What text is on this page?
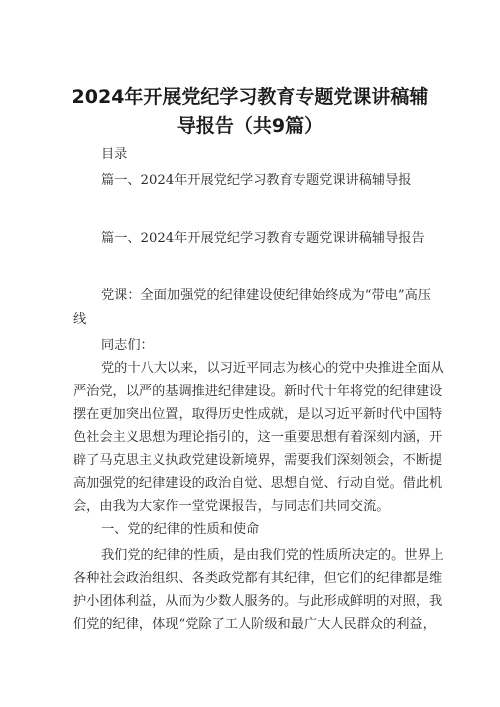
2024年开展党纪学习教育专题党课讲稿辅
导报告（共9篇）

目录

篇一、2024年开展党纪学习教育专题党课讲稿辅导报

篇一、2024年开展党纪学习教育专题党课讲稿辅导报告

党课：全面加强党的纪律建设使纪律始终成为“带电”高压

线

同志们：

党的十八大以来，以习近平同志为核心的党中央推进全面从

严治党，以严的基调推进纪律建设。新时代十年将党的纪律建设

摆在更加突出位置，取得历史性成就，是以习近平新时代中国特

色社会主义思想为理论指引的，这一重要思想有着深刻内涵，开

辟了马克思主义执政党建设新境界，需要我们深刻领会，不断提

高加强党的纪律建设的政治自觉、思想自觉、行动自觉。借此机

会，由我为大家作一堂党课报告，与同志们共同交流。

一、党的纪律的性质和使命

我们党的纪律的性质，是由我们党的性质所决定的。世界上

各种社会政治组织、各类政党都有其纪律，但它们的纪律都是维

护小团体利益，从而为少数人服务的。与此形成鲜明的对照，我

们党的纪律，体现“党除了工人阶级和最广大人民群众的利益，
